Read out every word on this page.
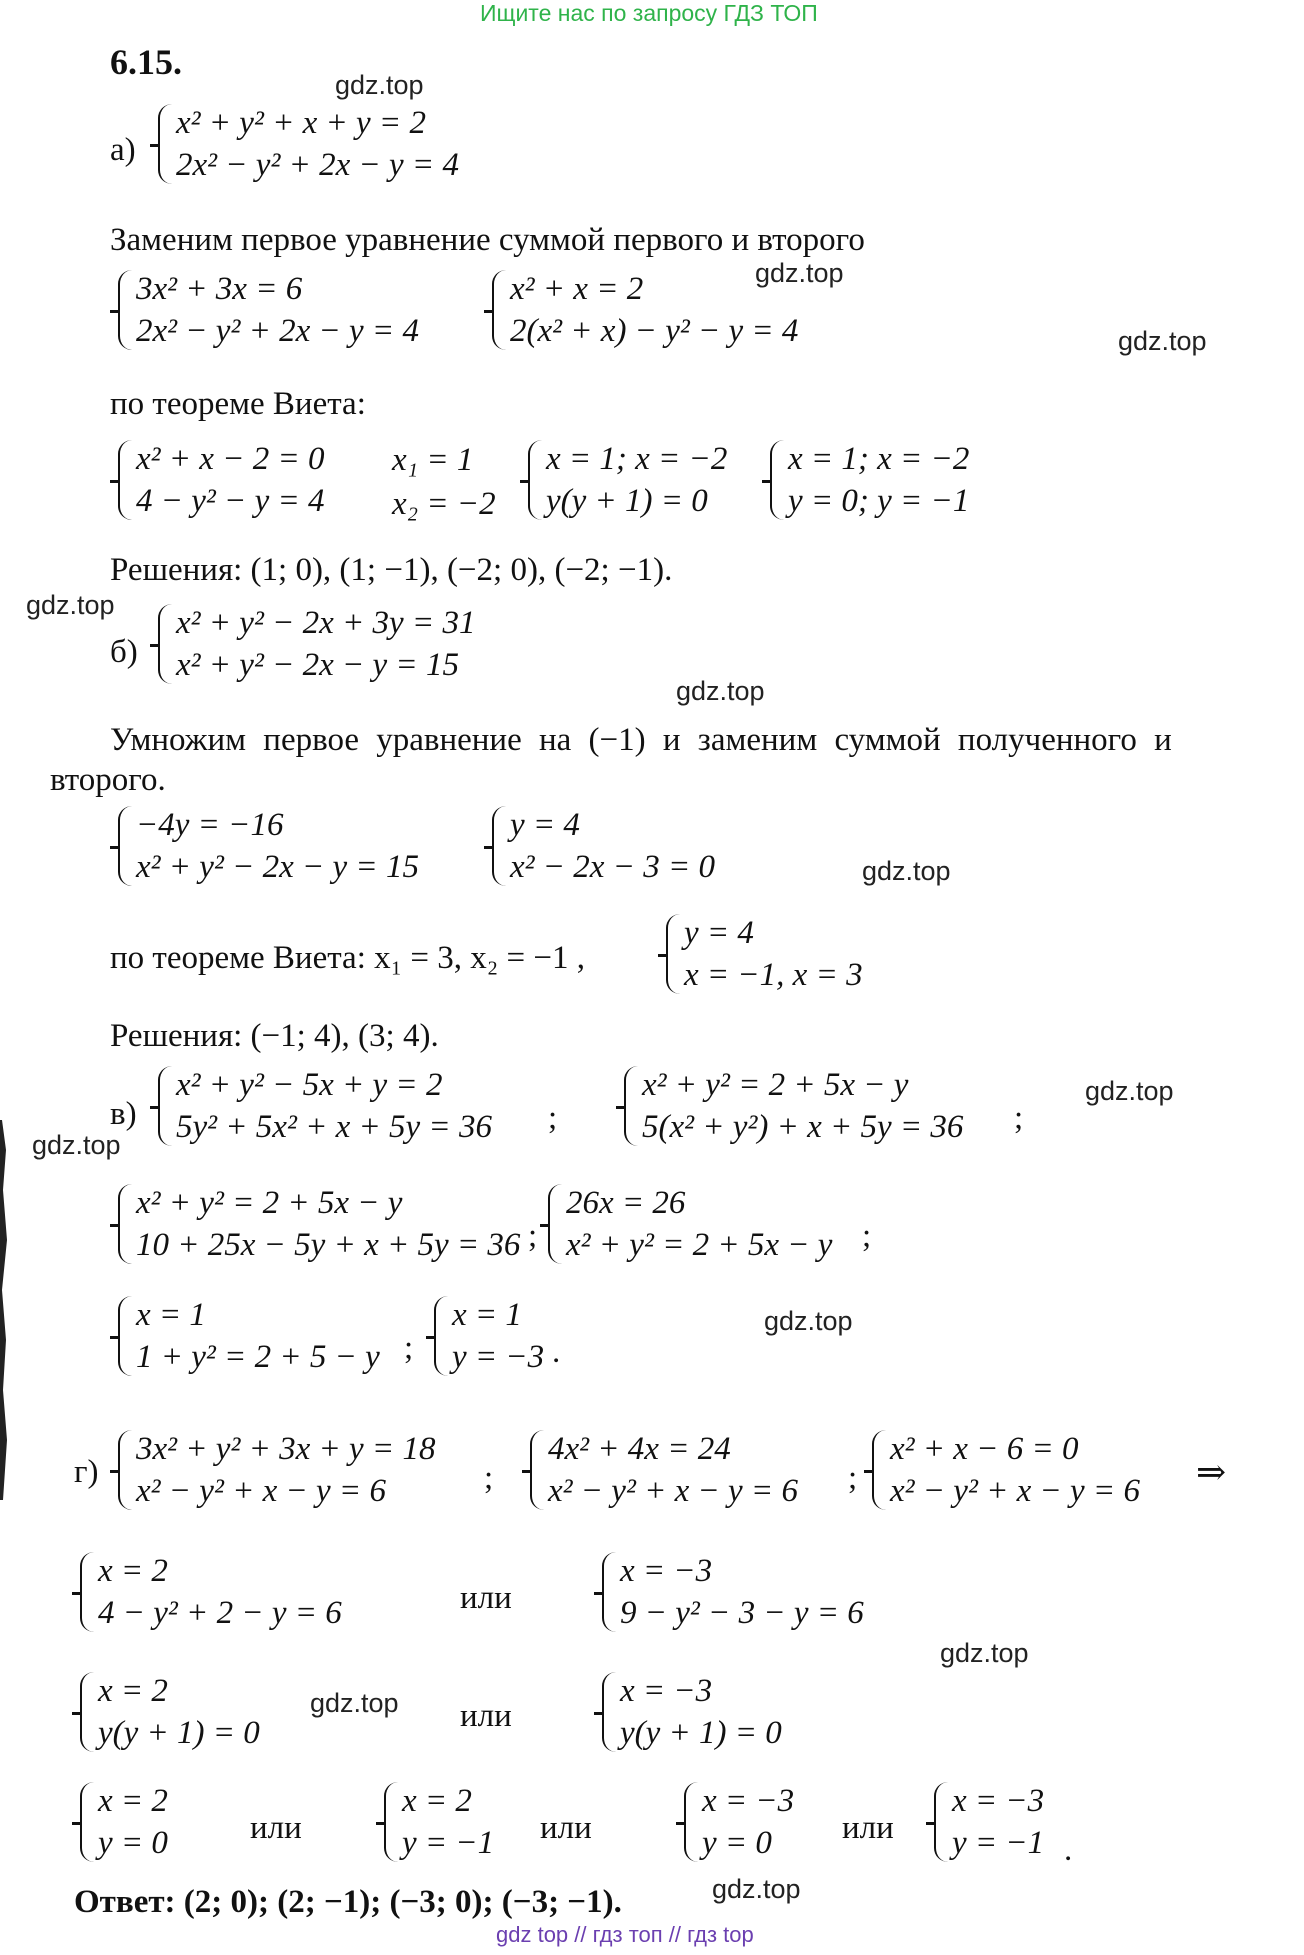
Ищите нас по запросу ГДЗ ТОП
gdz top // гдз топ // гдз top
6.15.
gdz.top
gdz.top
gdz.top
gdz.top
gdz.top
gdz.top
gdz.top
gdz.top
gdz.top
gdz.top
gdz.top
gdz.top
а)
x² + y² + x + y = 2
2x² − y² + 2x − y = 4
Заменим первое уравнение суммой первого и второго
3x² + 3x = 6
2x² − y² + 2x − y = 4
x² + x = 2
2(x² + x) − y² − y = 4
по теореме Виета:
x² + x − 2 = 0
4 − y² − y = 4
x₁ = 1
x₂ = −2
x = 1; x = −2
y(y + 1) = 0
x = 1; x = −2
y = 0; y = −1
Решения: (1; 0), (1; −1), (−2; 0), (−2; −1).
б)
x² + y² − 2x + 3y = 31
x² + y² − 2x − y = 15
Умножим первое уравнение на (−1) и заменим суммой полученного и
второго.
−4y = −16
x² + y² − 2x − y = 15
y = 4
x² − 2x − 3 = 0
по теореме Виета: x₁ = 3, x₂ = −1 ,
y = 4
x = −1, x = 3
Решения: (−1; 4), (3; 4).
в)
x² + y² − 5x + y = 2
5y² + 5x² + x + 5y = 36 ;
x² + y² = 2 + 5x − y
5(x² + y²) + x + 5y = 36 ;
x² + y² = 2 + 5x − y
10 + 25x − 5y + x + 5y = 36 ;
26x = 26
x² + y² = 2 + 5x − y ;
x = 1
1 + y² = 2 + 5 − y ;
x = 1
y = −3 .
г)
3x² + y² + 3x + y = 18
x² − y² + x − y = 6	;
4x² + 4x = 24
x² − y² + x − y = 6 ;
x² + x − 6 = 0
x² − y² + x − y = 6 ⇒
x = 2
4 − y² + 2 − y = 6	или
x = −3
9 − y² − 3 − y = 6
x = 2
y(y + 1) = 0	или
x = −3
y(y + 1) = 0
x = 2
y = 0 или
x = 2
y = −1 или
x = −3
y = 0	или
x = −3
y = −1 .
Ответ: (2; 0); (2; −1); (−3; 0); (−3; −1).
